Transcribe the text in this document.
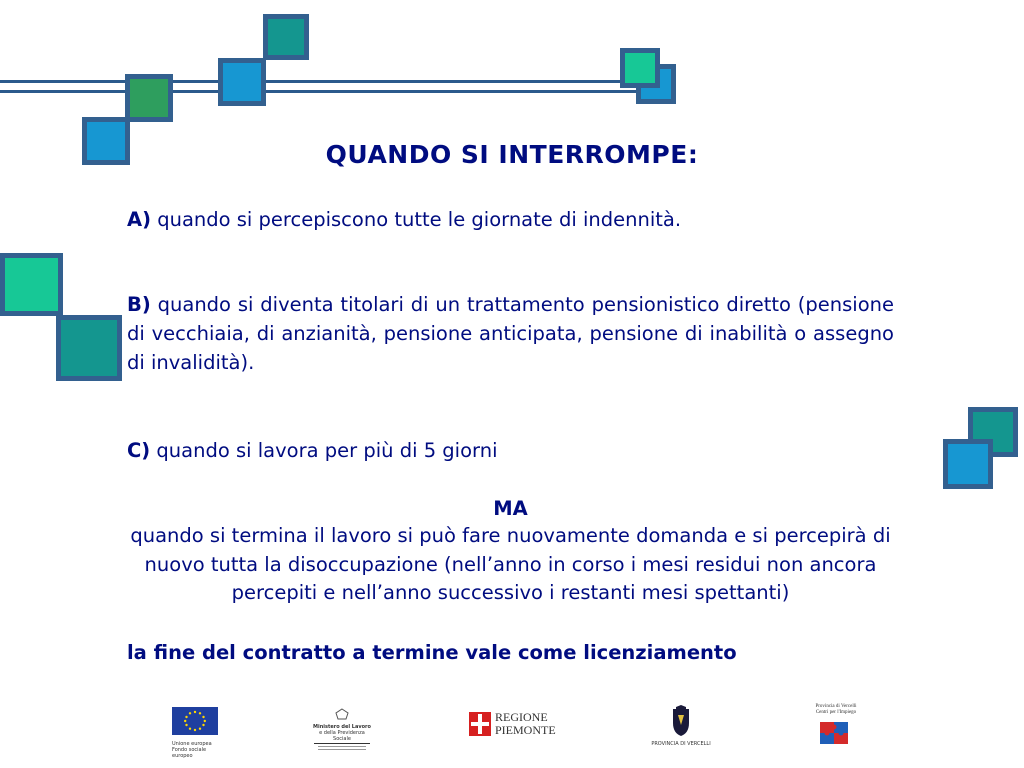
QUANDO SI INTERROMPE:
A) quando si percepiscono tutte le giornate di indennità.
B) quando si diventa titolari di un trattamento pensionistico diretto (pensione di vecchiaia, di anzianità, pensione anticipata, pensione di inabilità o assegno di invalidità).
C) quando si lavora per più di 5 giorni
MA
quando si termina il lavoro si può fare nuovamente domanda e si percepirà di nuovo tutta la disoccupazione (nell’anno in corso i mesi residui non ancora percepiti e nell’anno successivo i restanti mesi spettanti)
la fine del contratto a termine vale come licenziamento
Unione europea
Fondo sociale europeo
Ministero del Lavoro
e della Previdenza Sociale
REGIONE
PIEMONTE
PROVINCIA DI VERCELLI
Provincia di Vercelli
Centri per l'Impiego
